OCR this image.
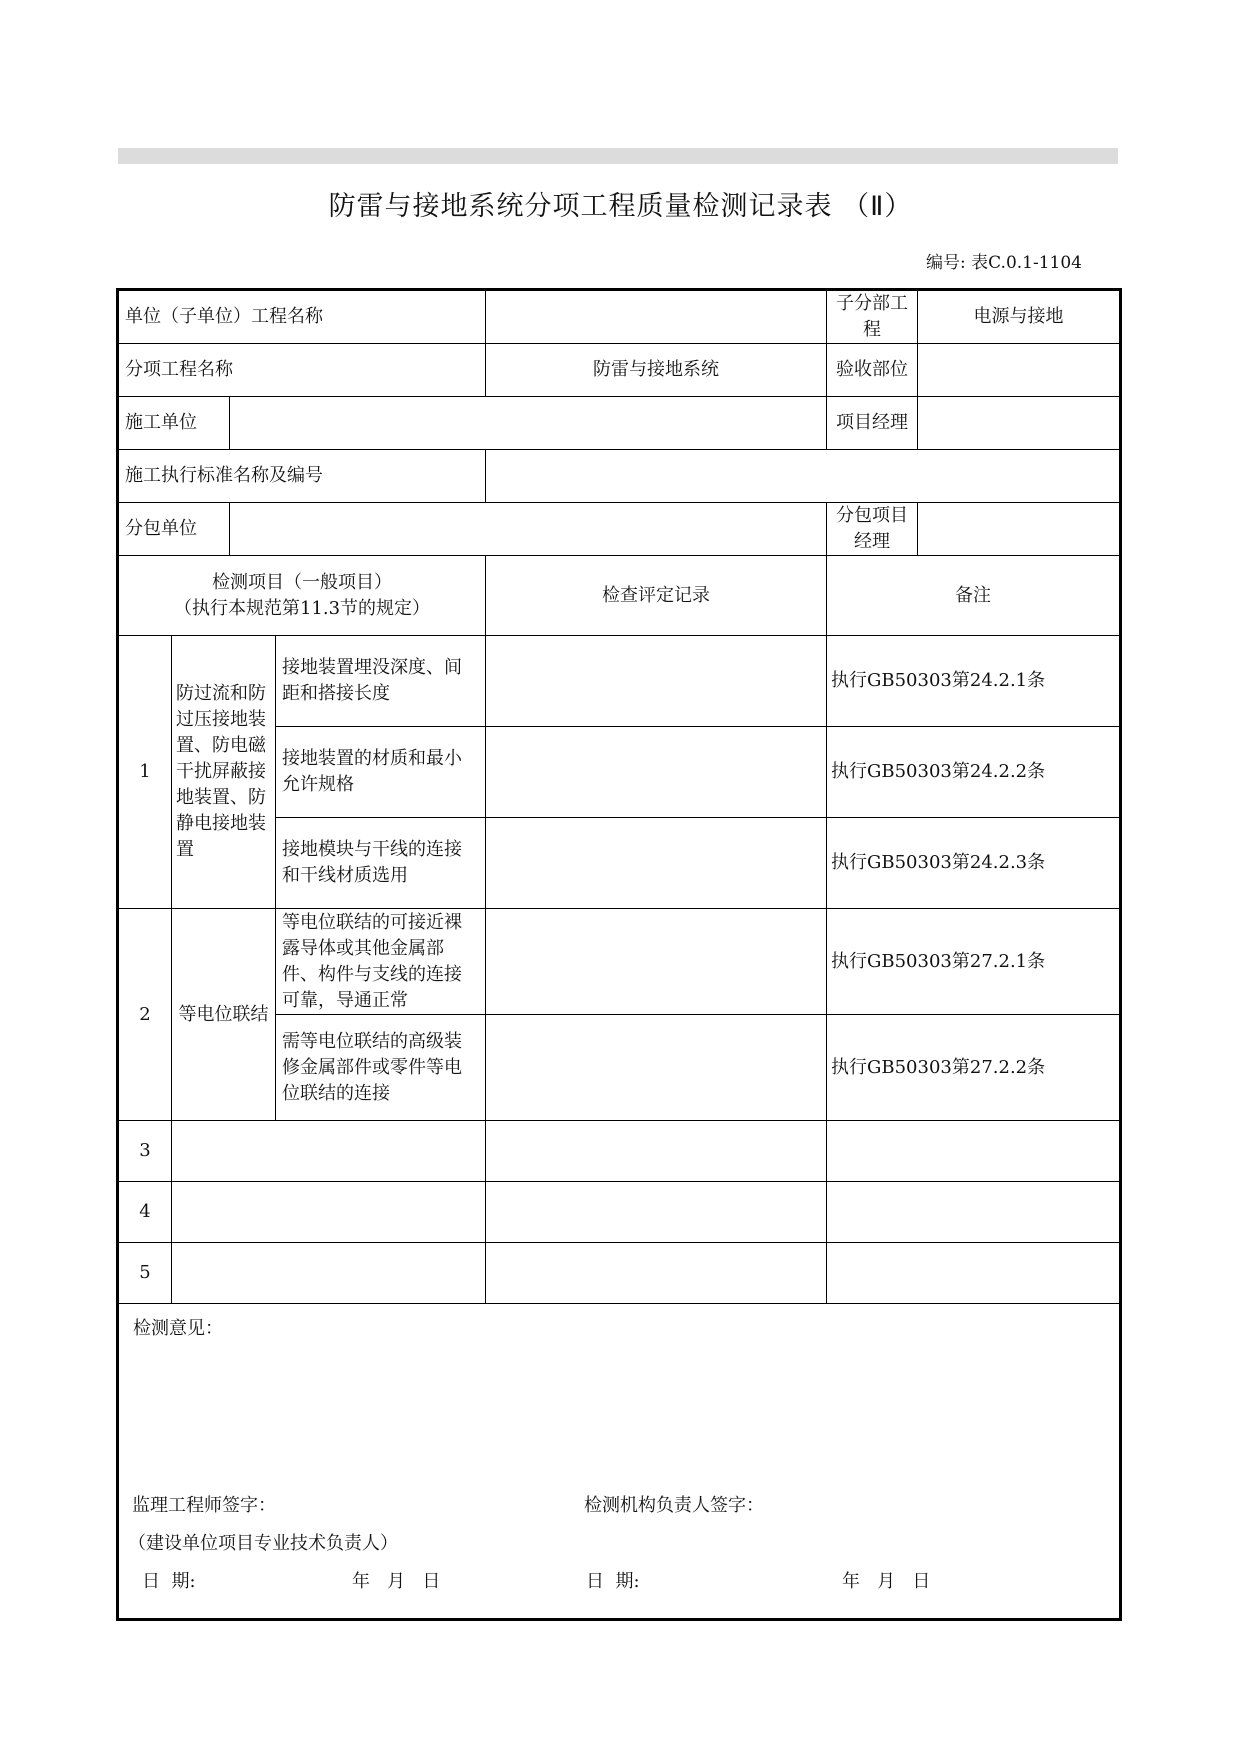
防雷与接地系统分项工程质量检测记录表 （Ⅱ）
编号: 表C.0.1-1104
单位（子单位）工程名称					子分部工程	电源与接地
分项工程名称				防雷与接地系统	验收部位	
施工单位					项目经理	
施工执行标准名称及编号						
分包单位					分包项目经理	

检测项目（一般项目）
（执行本规范第11.3节的规定）				检查评定记录	备注	
1	防过流和防过压接地装置、防电磁干扰屏蔽接地装置、防静电接地装置		接地装置埋没深度、间距和搭接长度		执行GB50303第24.2.1条	
			接地装置的材质和最小允许规格		执行GB50303第24.2.2条	
			接地模块与干线的连接和干线材质选用		执行GB50303第24.2.3条	
2	等电位联结		等电位联结的可接近裸露导体或其他金属部件、构件与支线的连接可靠，导通正常		执行GB50303第27.2.1条	
			需等电位联结的高级装修金属部件或零件等电位联结的连接		执行GB50303第27.2.2条	
3						
4						
5						

检测意见：						
监理工程师签字：	检测机构负责人签字：
（建设单位项目专业技术负责人）
日  期:	年   月   日	日  期:	年   月   日
